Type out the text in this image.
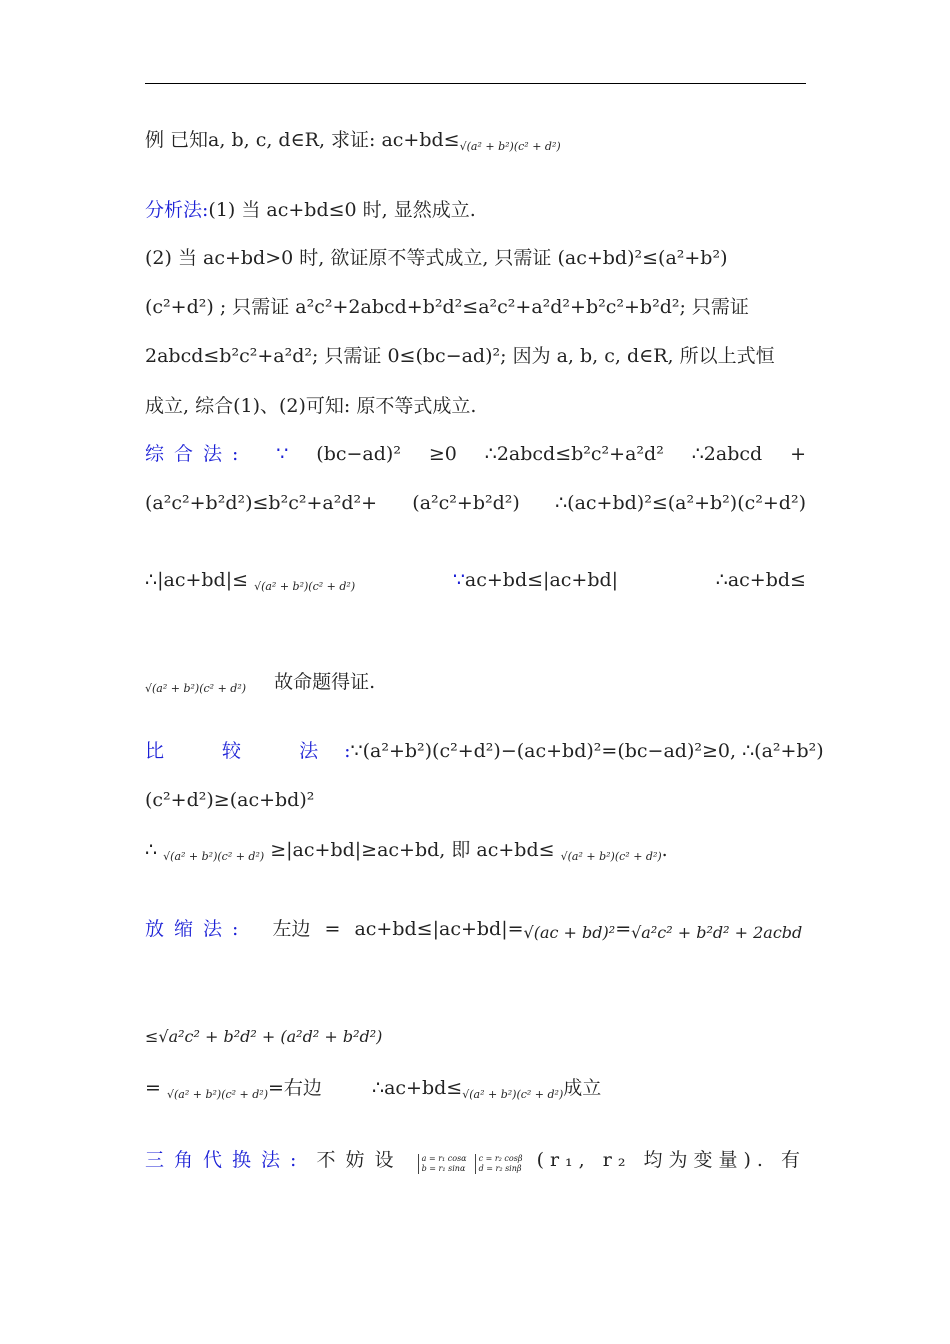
例 已知a, b, c, d∈R, 求证: ac+bd≤√(a² + b²)(c² + d²)
分析法:(1) 当 ac+bd≤0 时, 显然成立.
(2) 当 ac+bd>0 时, 欲证原不等式成立, 只需证 (ac+bd)²≤(a²+b²)
(c²+d²) ; 只需证 a²c²+2abcd+b²d²≤a²c²+a²d²+b²c²+b²d²; 只需证
2abcd≤b²c²+a²d²; 只需证 0≤(bc−ad)²; 因为 a, b, c, d∈R, 所以上式恒
成立, 综合(1)、(2)可知: 原不等式成立.
综合法: ∵ (bc−ad)² ≥0 ∴2abcd≤b²c²+a²d² ∴2abcd +
(a²c²+b²d²)≤b²c²+a²d²+ (a²c²+b²d²) ∴(ac+bd)²≤(a²+b²)(c²+d²)
∴|ac+bd|≤ √(a² + b²)(c² + d²)	∵ac+bd≤|ac+bd|	∴ac+bd≤
√(a² + b²)(c² + d²) 故命题得证.
比 较 法:∵(a²+b²)(c²+d²)−(ac+bd)²=(bc−ad)²≥0, ∴(a²+b²)
(c²+d²)≥(ac+bd)²
∴ √(a² + b²)(c² + d²) ≥|ac+bd|≥ac+bd, 即 ac+bd≤ √(a² + b²)(c² + d²).
放缩法: 左边 = ac+bd≤|ac+bd|=√(ac + bd)²=√a²c² + b²d² + 2acbd
≤√a²c² + b²d² + (a²d² + b²d²)
= √(a² + b²)(c² + d²)=右边	∴ac+bd≤√(a² + b²)(c² + d²)成立
三角代换法: 不妨设 a = r₁ cosα
b = r₁ sinα
c = r₂ cosβ
d = r₂ sinβ (r₁, r₂ 均为变量). 有
